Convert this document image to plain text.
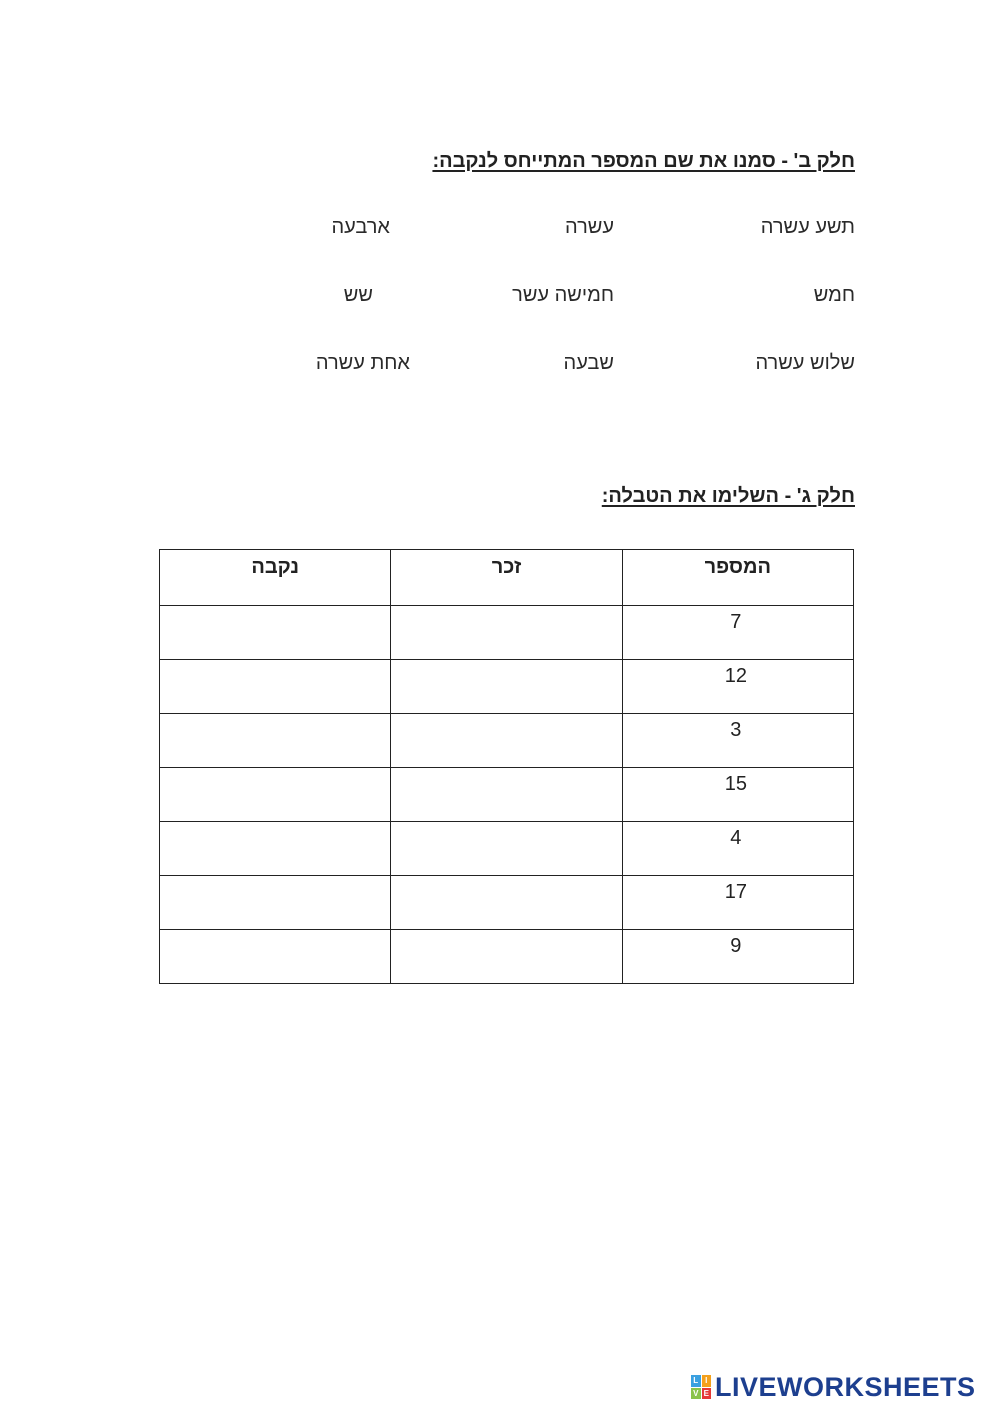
חלק ב' - סמנו את שם המספר המתייחס לנקבה:
תשע עשרה
עשרה
ארבעה
חמש
חמישה עשר
שש
שלוש עשרה
שבעה
אחת עשרה
חלק ג' - השלימו את הטבלה:
המספר	זכר	נקבה
7		
12		
3		
15		
4		
17		
9		
L I
V E LIVEWORKSHEETS
